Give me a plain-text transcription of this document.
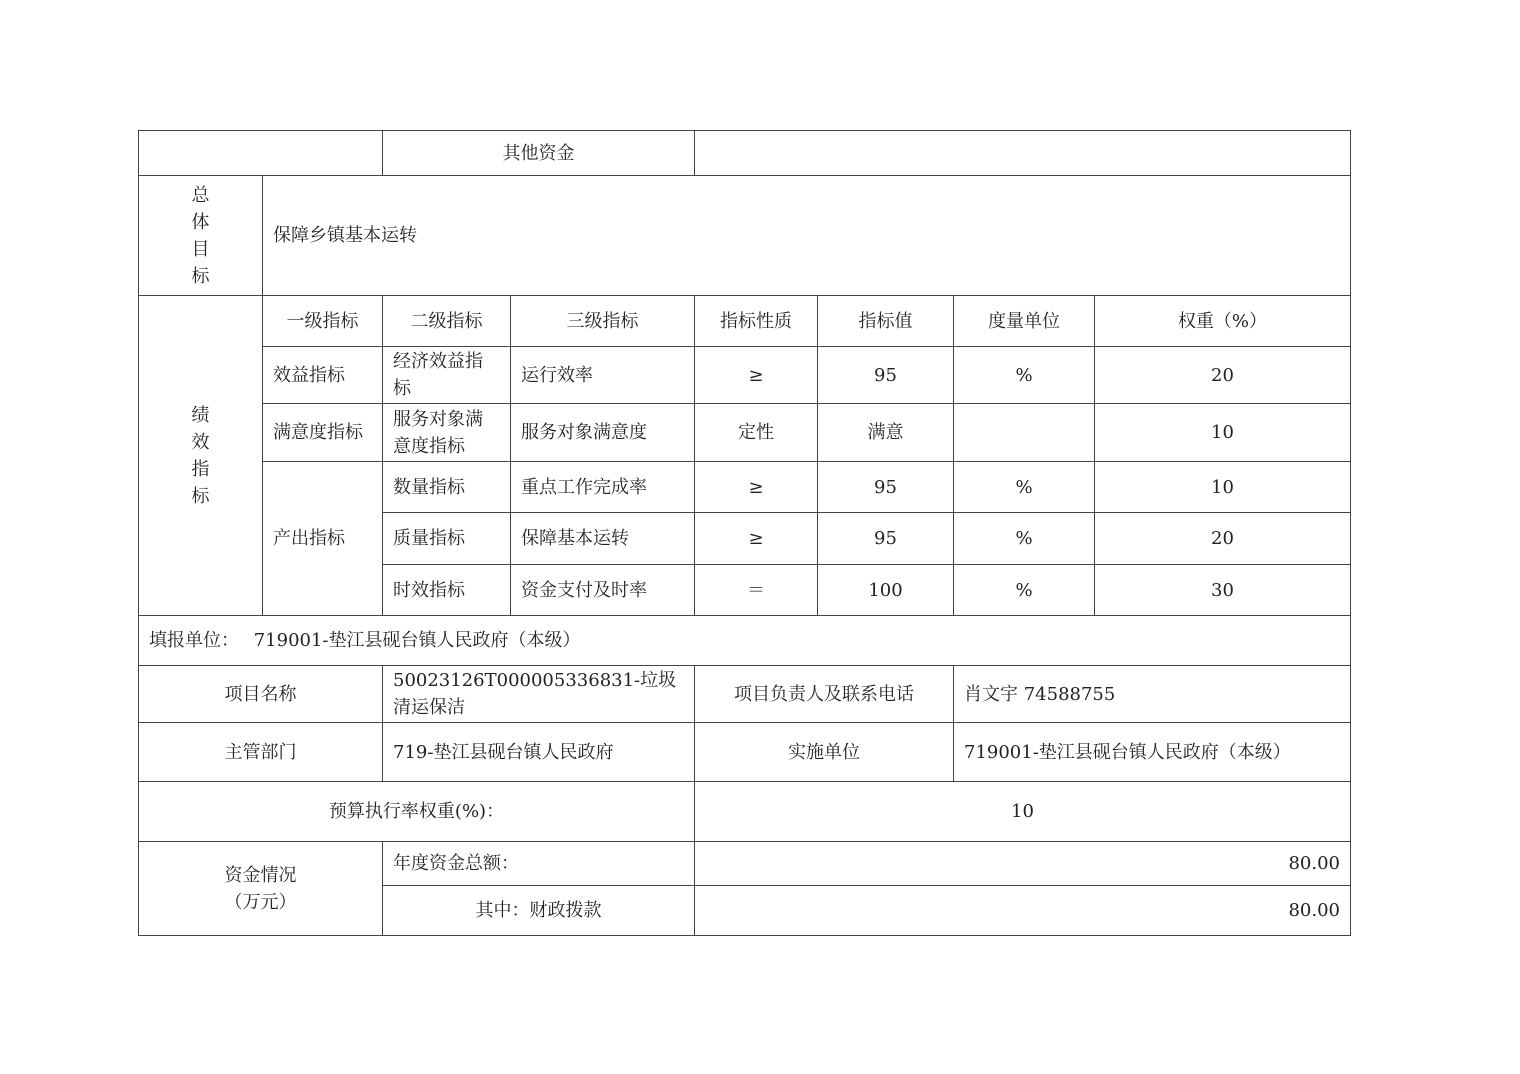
		其他资金					

总
体
目
标	保障乡镇基本运转						

绩
效
指
标	一级指标	二级指标	三级指标	指标性质	指标值	度量单位	权重（%）
	效益指标	经济效益指标	运行效率	≥	95	%	20
	满意度指标	服务对象满意度指标	服务对象满意度	定性	满意		10
	产出指标	数量指标	重点工作完成率	≥	95	%	10
		质量指标	保障基本运转	≥	95	%	20
		时效指标	资金支付及时率	＝	100	%	30
填报单位：　 719001-垫江县砚台镇人民政府（本级）							
项目名称		50023126T000005336831-垃圾清运保洁		项目负责人及联系电话		肖文宇 74588755	
主管部门		719-垫江县砚台镇人民政府		实施单位		719001-垫江县砚台镇人民政府（本级）	
预算执行率权重(%)：				10			

资金情况
（万元）		年度资金总额：		80.00			
		其中：财政拨款		80.00			
